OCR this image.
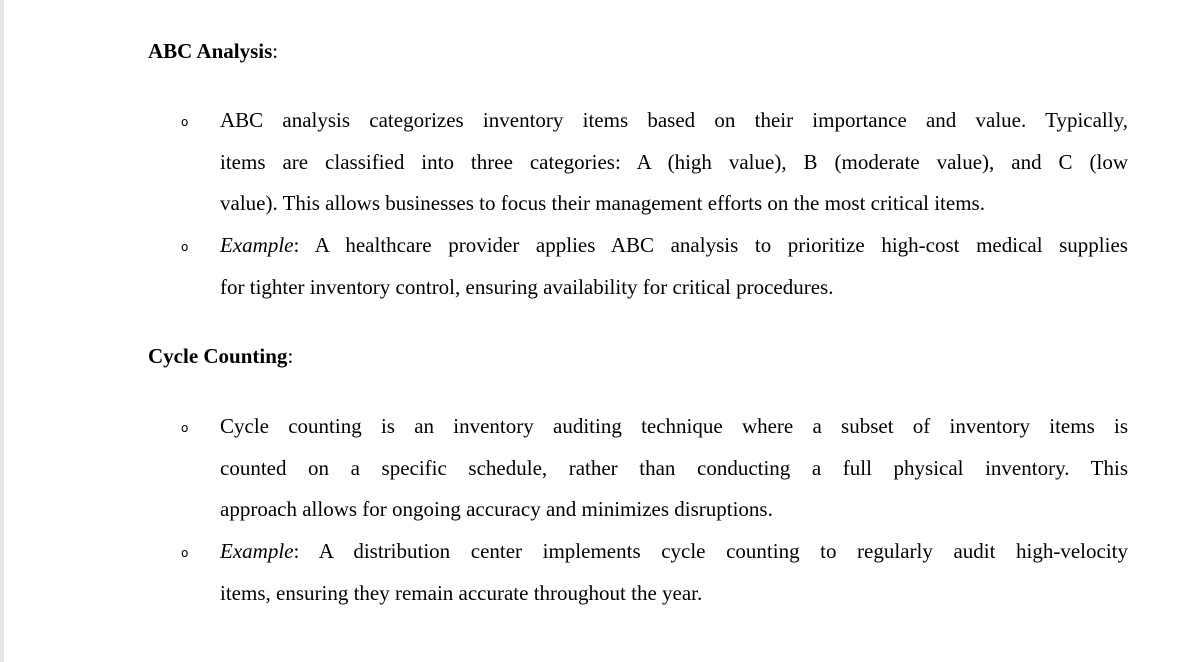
ABC Analysis:
o ABC analysis categorizes inventory items based on their importance and value. Typically,
items are classified into three categories: A (high value), B (moderate value), and C (low
value). This allows businesses to focus their management efforts on the most critical items.
o Example: A healthcare provider applies ABC analysis to prioritize high-cost medical supplies
for tighter inventory control, ensuring availability for critical procedures.
Cycle Counting:
o Cycle counting is an inventory auditing technique where a subset of inventory items is
counted on a specific schedule, rather than conducting a full physical inventory. This
approach allows for ongoing accuracy and minimizes disruptions.
o Example: A distribution center implements cycle counting to regularly audit high-velocity
items, ensuring they remain accurate throughout the year.
